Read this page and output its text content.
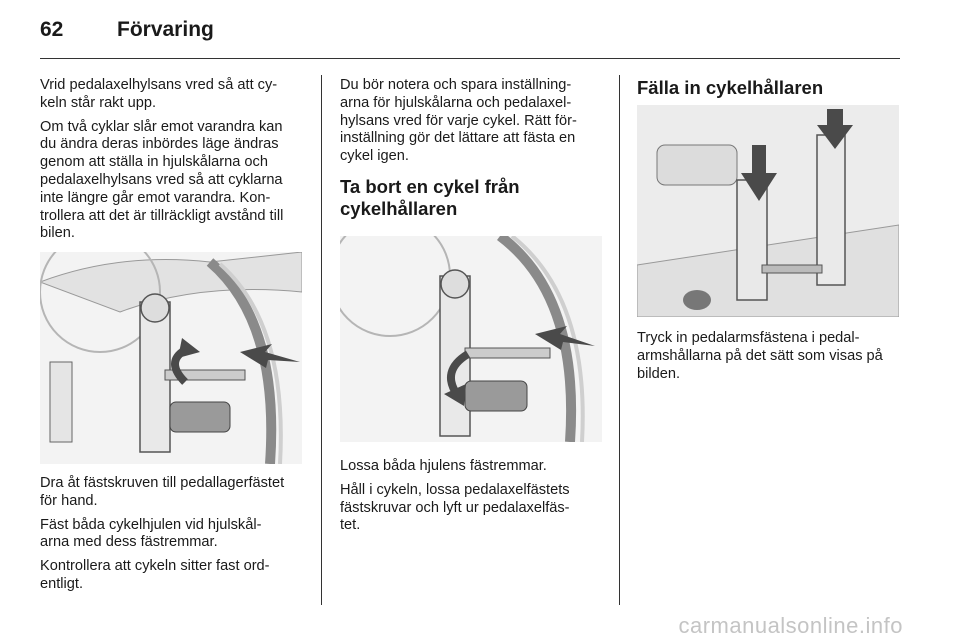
62	Förvaring

Vrid pedalaxelhylsans vred så att cy-
keln står rakt upp.

Om två cyklar slår emot varandra kan
du ändra deras inbördes läge ändras
genom att ställa in hjulskålarna och
pedalaxelhylsans vred så att cyklarna
inte längre går emot varandra. Kon-
trollera att det är tillräckligt avstånd till
bilen.

Dra åt fästskruven till pedallagerfästet
för hand.

Fäst båda cykelhjulen vid hjulskål-
arna med dess fästremmar.

Kontrollera att cykeln sitter fast ord-
entligt.

Du bör notera och spara inställning-
arna för hjulskålarna och pedalaxel-
hylsans vred för varje cykel. Rätt för-
inställning gör det lättare att fästa en
cykel igen.

Ta bort en cykel från
cykelhållaren

Lossa båda hjulens fästremmar.

Håll i cykeln, lossa pedalaxelfästets
fästskruvar och lyft ur pedalaxelfäs-
tet.

Fälla in cykelhållaren

Tryck in pedalarmsfästena i pedal-
armshållarna på det sätt som visas på
bilden.

carmanualsonline.info
